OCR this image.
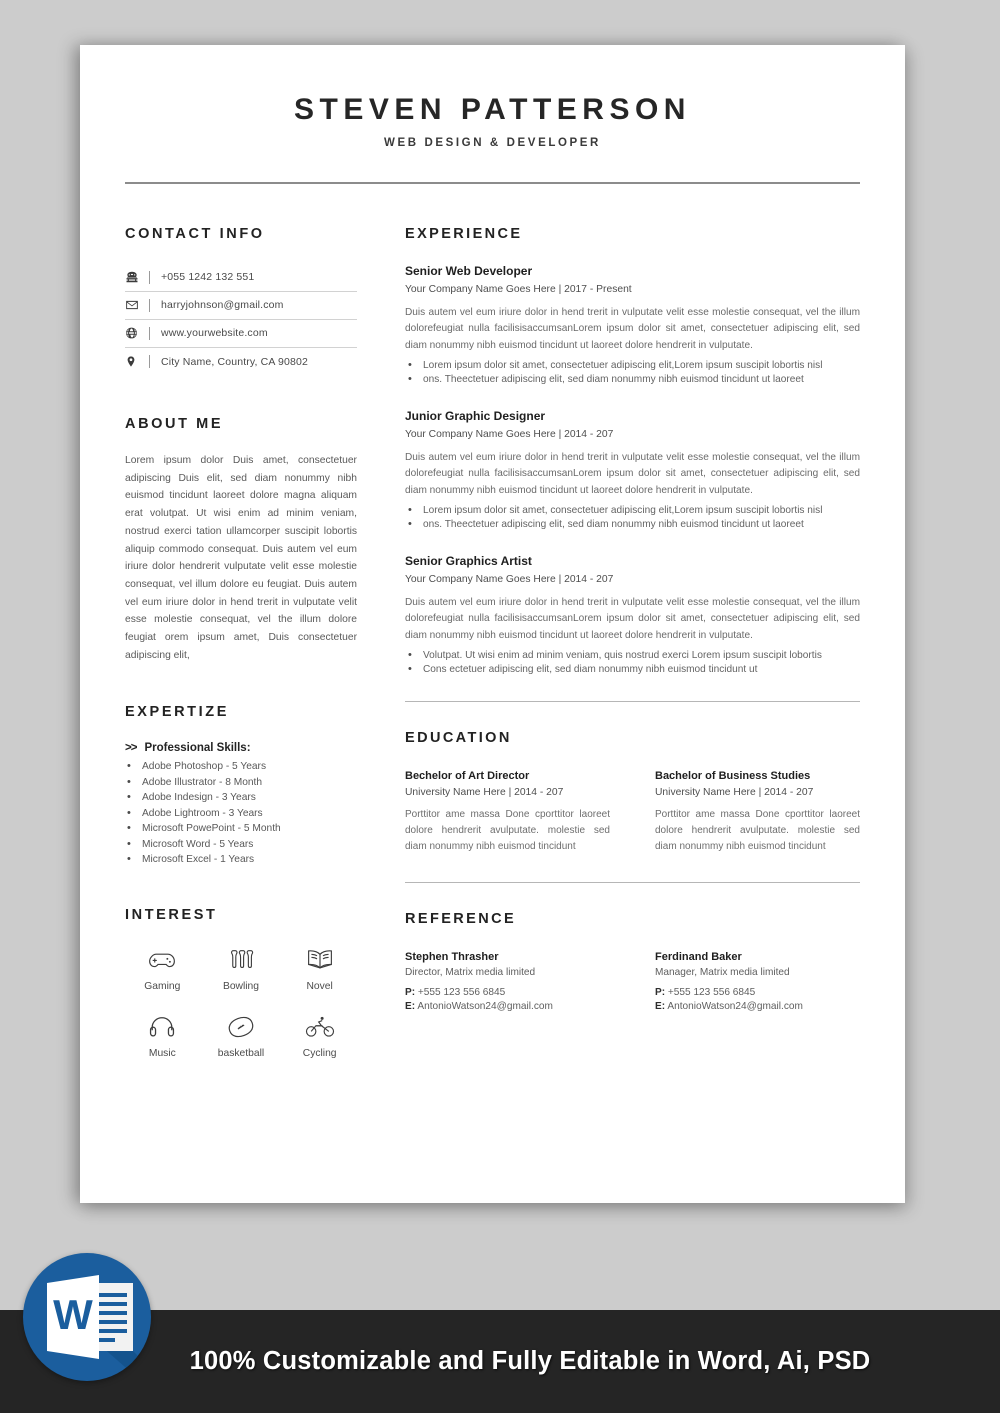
STEVEN PATTERSON
WEB DESIGN & DEVELOPER
CONTACT INFO
+055 1242 132 551
harryjohnson@gmail.com
www.yourwebsite.com
City Name, Country, CA 90802
ABOUT ME

Lorem ipsum dolor Duis amet, consectetuer adipiscing Duis elit, sed diam nonummy nibh euismod tincidunt laoreet dolore magna aliquam erat volutpat. Ut wisi enim ad minim veniam, nostrud exerci tation ullamcorper suscipit lobortis aliquip commodo consequat. Duis autem vel eum iriure dolor hendrerit vulputate velit esse molestie consequat, vel illum dolore eu feugiat. Duis autem vel eum iriure dolor in hend trerit in vulputate velit esse molestie consequat, vel the illum dolore feugiat orem ipsum amet, Duis consectetuer adipiscing elit,

EXPERTIZE
>> Professional Skills:
• Adobe Photoshop - 5 Years
• Adobe Illustrator - 8 Month
• Adobe Indesign - 3 Years
• Adobe Lightroom - 3 Years
• Microsoft PowePoint - 5 Month
• Microsoft Word - 5 Years
• Microsoft Excel - 1 Years
INTEREST
Gaming	Bowling	Novel
Music	basketball	Cycling
EXPERIENCE
Senior Web Developer
Your Company Name Goes Here | 2017 - Present

Duis autem vel eum iriure dolor in hend trerit in vulputate velit esse molestie consequat, vel the illum dolorefeugiat nulla facilisisaccumsanLorem ipsum dolor sit amet, consectetuer adipiscing elit, sed diam nonummy nibh euismod tincidunt ut laoreet dolore hendrerit in vulputate.

• Lorem ipsum dolor sit amet, consectetuer adipiscing elit,Lorem ipsum suscipit lobortis nisl
• ons. Theectetuer adipiscing elit, sed diam nonummy nibh euismod tincidunt ut laoreet
Junior Graphic Designer
Your Company Name Goes Here | 2014 - 207

Duis autem vel eum iriure dolor in hend trerit in vulputate velit esse molestie consequat, vel the illum dolorefeugiat nulla facilisisaccumsanLorem ipsum dolor sit amet, consectetuer adipiscing elit, sed diam nonummy nibh euismod tincidunt ut laoreet dolore hendrerit in vulputate.

• Lorem ipsum dolor sit amet, consectetuer adipiscing elit,Lorem ipsum suscipit lobortis nisl
• ons. Theectetuer adipiscing elit, sed diam nonummy nibh euismod tincidunt ut laoreet
Senior Graphics Artist
Your Company Name Goes Here | 2014 - 207

Duis autem vel eum iriure dolor in hend trerit in vulputate velit esse molestie consequat, vel the illum dolorefeugiat nulla facilisisaccumsanLorem ipsum dolor sit amet, consectetuer adipiscing elit, sed diam nonummy nibh euismod tincidunt ut laoreet dolore hendrerit in vulputate.

• Volutpat. Ut wisi enim ad minim veniam, quis nostrud exerci Lorem ipsum suscipit lobortis
• Cons ectetuer adipiscing elit, sed diam nonummy nibh euismod tincidunt ut
EDUCATION
Bechelor of Art Director
University Name Here | 2014 - 207

Porttitor ame massa Done cporttitor laoreet dolore hendrerit avulputate. molestie sed diam nonummy nibh euismod tincidunt

Bachelor of Business Studies
University Name Here | 2014 - 207

Porttitor ame massa Done cporttitor laoreet dolore hendrerit avulputate. molestie sed diam nonummy nibh euismod tincidunt

REFERENCE
Stephen Thrasher
Director, Matrix media limited
P: +555 123 556 6845
E: AntonioWatson24@gmail.com
Ferdinand Baker
Manager, Matrix media limited
P: +555 123 556 6845
E: AntonioWatson24@gmail.com
100% Customizable and Fully Editable in Word, Ai, PSD
W
